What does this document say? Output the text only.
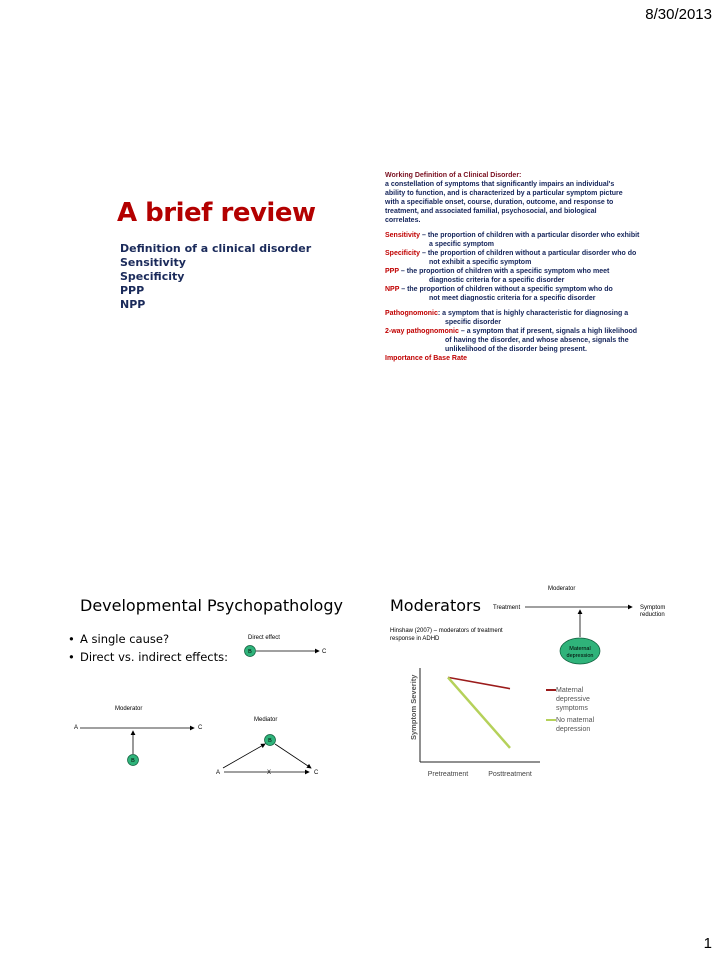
8/30/2013
1
A brief review
Definition of a clinical disorder
Sensitivity
Specificity
PPP
NPP
Working Definition of a Clinical Disorder:
a constellation of symptoms that significantly impairs an individual's ability to function, and is characterized by a particular symptom picture with a specifiable onset, course, duration, outcome, and response to treatment, and associated familial, psychosocial, and biological correlates.
Sensitivity – the proportion of children with a particular disorder who exhibit
a specific symptom
Specificity – the proportion of children without a particular disorder who do
not exhibit a specific symptom
PPP – the proportion of children with a specific symptom who meet
diagnostic criteria for a specific disorder
NPP – the proportion of children without a specific symptom who do
not meet diagnostic criteria for a specific disorder
Pathognomonic: a symptom that is highly characteristic for diagnosing a
specific disorder
2-way pathognomonic – a symptom that if present, signals a high likelihood
of having the disorder, and whose absence, signals the
unlikelihood of the disorder being present.
Importance of Base Rate
Developmental Psychopathology
• A single cause?
• Direct vs. indirect effects:
Direct effect
B	C
Moderator
A	C
B
Mediator
B
A	X	C
Moderators
Hinshaw (2007) – moderators of treatment
response in ADHD
Moderator
Treatment	Symptom
reduction
Maternal
depression
Symptom Severity
Pretreatment	Posttreatment
Maternal
depressive
symptoms
No maternal
depression
